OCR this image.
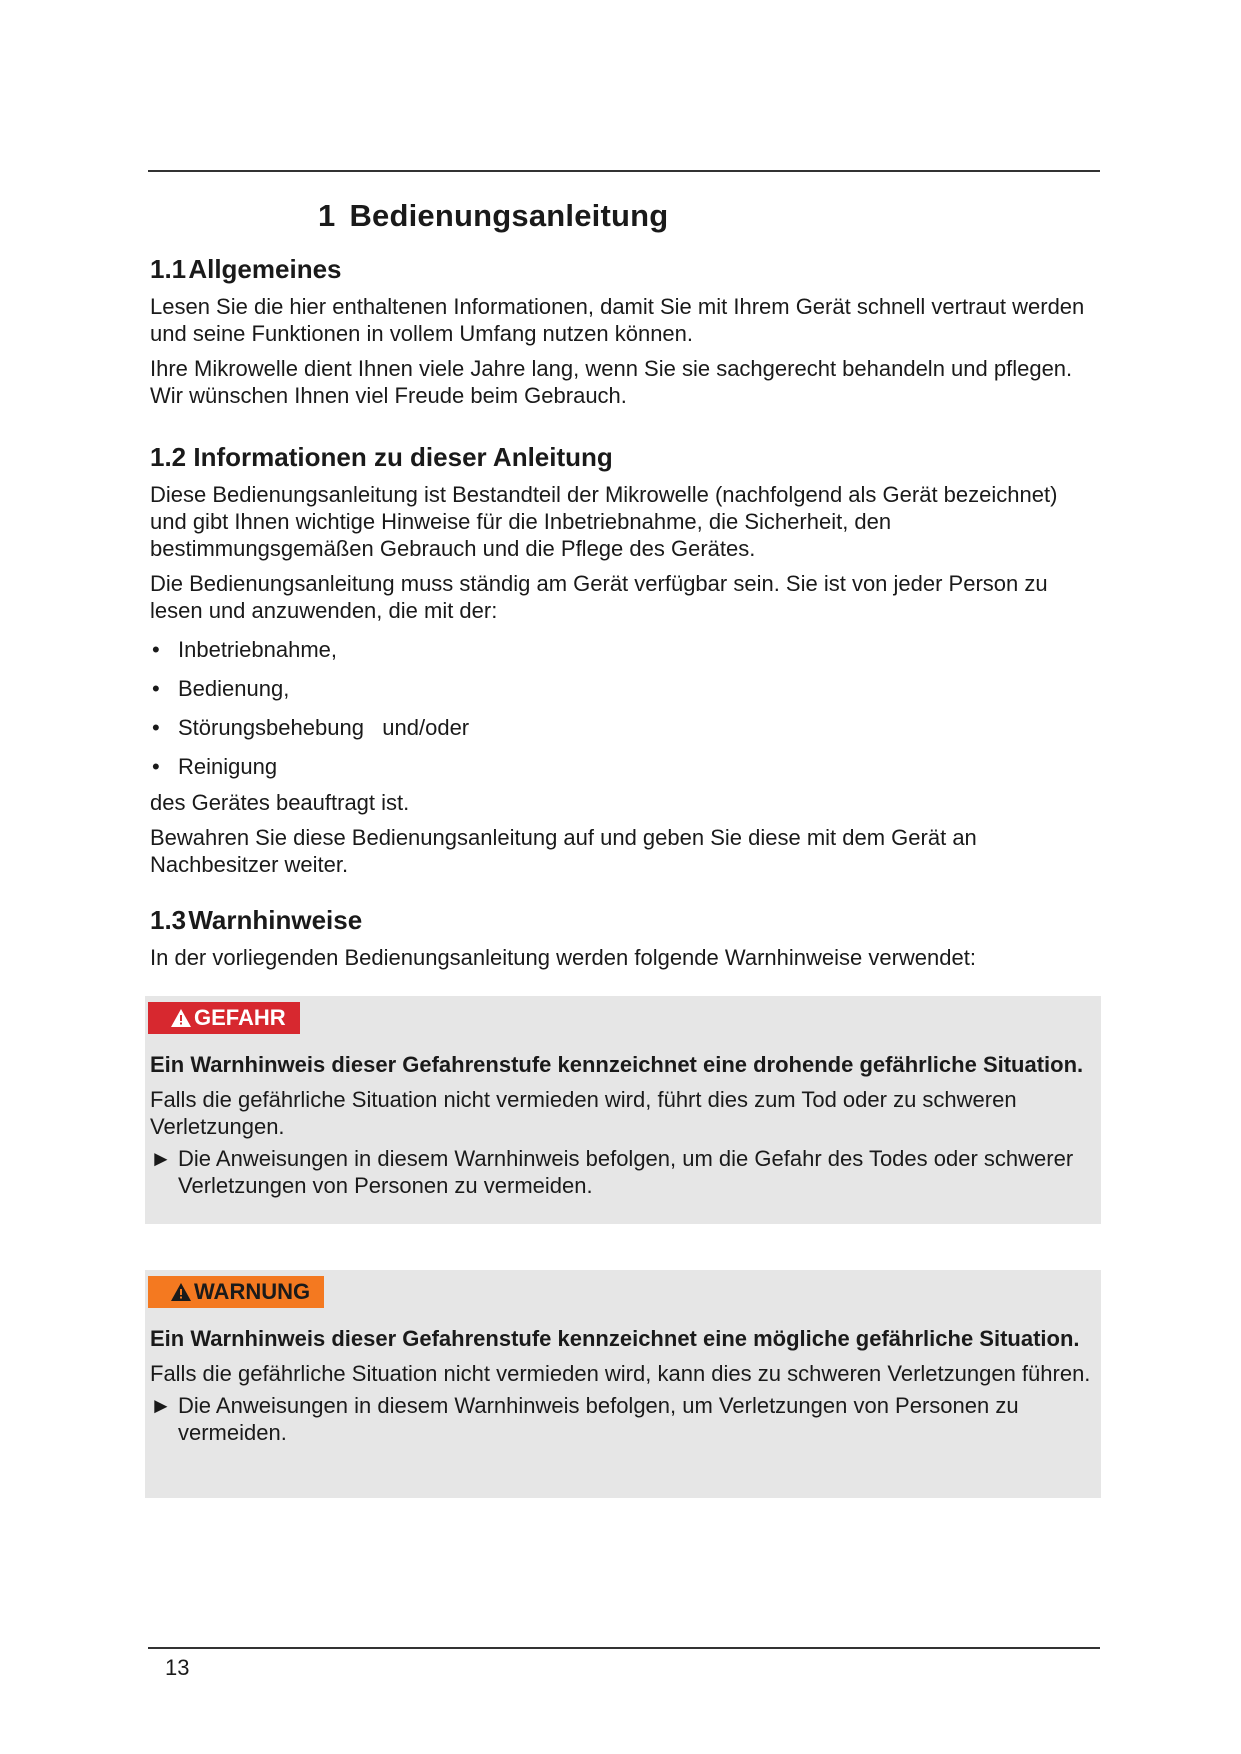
1 Bedienungsanleitung
1.1 Allgemeines

Lesen Sie die hier enthaltenen Informationen, damit Sie mit Ihrem Gerät schnell vertraut werden und seine Funktionen in vollem Umfang nutzen können.

Ihre Mikrowelle dient Ihnen viele Jahre lang, wenn Sie sie sachgerecht behandeln und pflegen. Wir wünschen Ihnen viel Freude beim Gebrauch.

1.2 Informationen zu dieser Anleitung

Diese Bedienungsanleitung ist Bestandteil der Mikrowelle (nachfolgend als Gerät bezeichnet) und gibt Ihnen wichtige Hinweise für die Inbetriebnahme, die Sicherheit, den bestimmungsgemäßen Gebrauch und die Pflege des Gerätes.

Die Bedienungsanleitung muss ständig am Gerät verfügbar sein. Sie ist von jeder Person zu lesen und anzuwenden, die mit der:

• Inbetriebnahme,
• Bedienung,
• Störungsbehebung   und/oder
• Reinigung

des Gerätes beauftragt ist.

Bewahren Sie diese Bedienungsanleitung auf und geben Sie diese mit dem Gerät an Nachbesitzer weiter.

1.3 Warnhinweise

In der vorliegenden Bedienungsanleitung werden folgende Warnhinweise verwendet:

GEFAHR

Ein Warnhinweis dieser Gefahrenstufe kennzeichnet eine drohende gefährliche Situation.

Falls die gefährliche Situation nicht vermieden wird, führt dies zum Tod oder zu schweren Verletzungen.

► Die Anweisungen in diesem Warnhinweis befolgen, um die Gefahr des Todes oder schwerer Verletzungen von Personen zu vermeiden.
WARNUNG

Ein Warnhinweis dieser Gefahrenstufe kennzeichnet eine mögliche gefährliche Situation.

Falls die gefährliche Situation nicht vermieden wird, kann dies zu schweren Verletzungen führen.

► Die Anweisungen in diesem Warnhinweis befolgen, um Verletzungen von Personen zu vermeiden.
13
